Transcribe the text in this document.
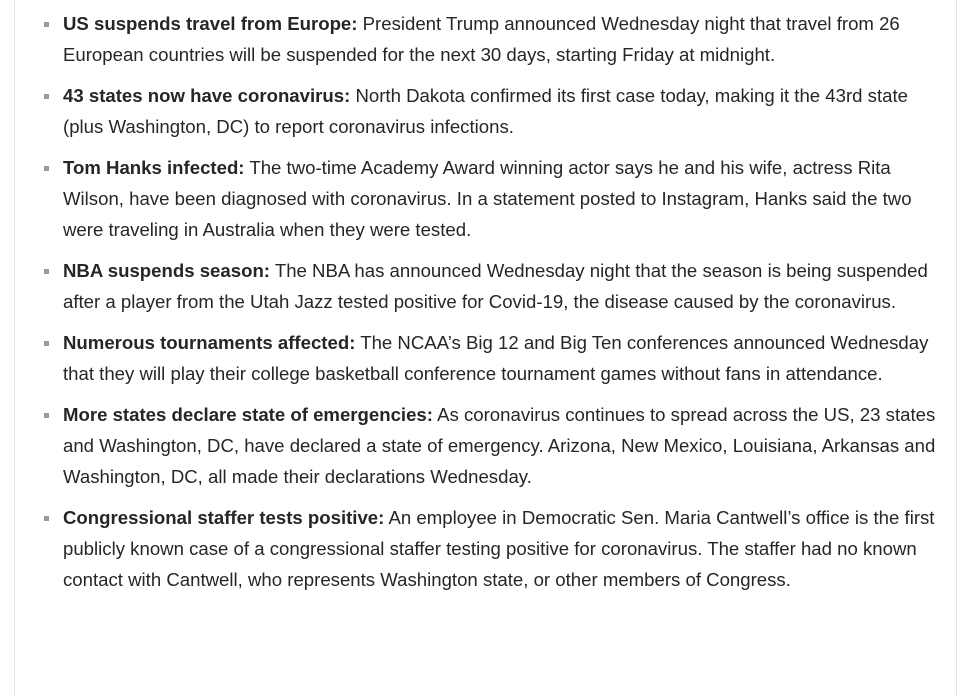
US suspends travel from Europe: President Trump announced Wednesday night that travel from 26 European countries will be suspended for the next 30 days, starting Friday at midnight.
43 states now have coronavirus: North Dakota confirmed its first case today, making it the 43rd state (plus Washington, DC) to report coronavirus infections.
Tom Hanks infected: The two-time Academy Award winning actor says he and his wife, actress Rita Wilson, have been diagnosed with coronavirus. In a statement posted to Instagram, Hanks said the two were traveling in Australia when they were tested.
NBA suspends season: The NBA has announced Wednesday night that the season is being suspended after a player from the Utah Jazz tested positive for Covid-19, the disease caused by the coronavirus.
Numerous tournaments affected: The NCAA’s Big 12 and Big Ten conferences announced Wednesday that they will play their college basketball conference tournament games without fans in attendance.
More states declare state of emergencies: As coronavirus continues to spread across the US, 23 states and Washington, DC, have declared a state of emergency. Arizona, New Mexico, Louisiana, Arkansas and Washington, DC, all made their declarations Wednesday.
Congressional staffer tests positive: An employee in Democratic Sen. Maria Cantwell’s office is the first publicly known case of a congressional staffer testing positive for coronavirus. The staffer had no known contact with Cantwell, who represents Washington state, or other members of Congress.
